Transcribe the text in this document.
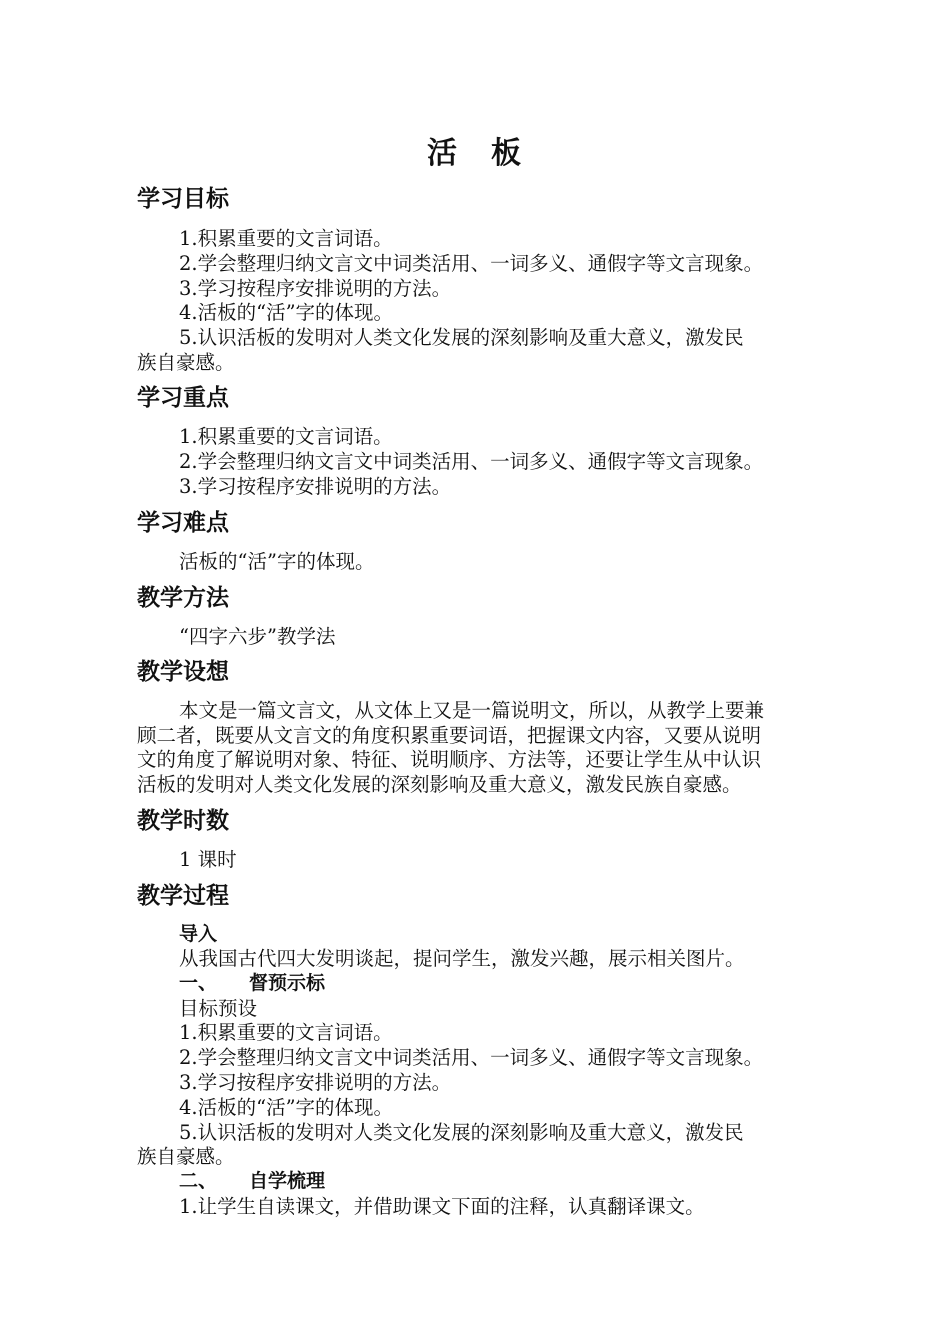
活　板
学习目标
1.积累重要的文言词语。
2.学会整理归纳文言文中词类活用、一词多义、通假字等文言现象。
3.学习按程序安排说明的方法。
4.活板的“活”字的体现。
5.认识活板的发明对人类文化发展的深刻影响及重大意义，激发民
族自豪感。
学习重点
1.积累重要的文言词语。
2.学会整理归纳文言文中词类活用、一词多义、通假字等文言现象。
3.学习按程序安排说明的方法。
学习难点
活板的“活”字的体现。
教学方法
“四字六步”教学法
教学设想
本文是一篇文言文，从文体上又是一篇说明文，所以，从教学上要兼
顾二者，既要从文言文的角度积累重要词语，把握课文内容，又要从说明
文的角度了解说明对象、特征、说明顺序、方法等，还要让学生从中认识
活板的发明对人类文化发展的深刻影响及重大意义，激发民族自豪感。
教学时数
1 课时
教学过程
导入
从我国古代四大发明谈起，提问学生，激发兴趣，展示相关图片。
一、 督预示标
目标预设
1.积累重要的文言词语。
2.学会整理归纳文言文中词类活用、一词多义、通假字等文言现象。
3.学习按程序安排说明的方法。
4.活板的“活”字的体现。
5.认识活板的发明对人类文化发展的深刻影响及重大意义，激发民
族自豪感。
二、 自学梳理
1.让学生自读课文，并借助课文下面的注释，认真翻译课文。
